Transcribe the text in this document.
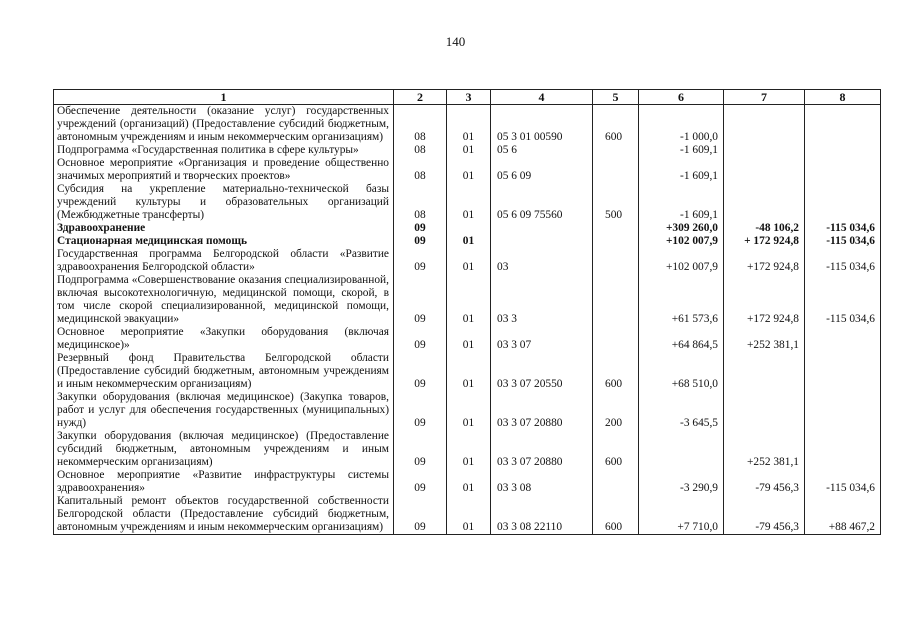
140
1	2	3	4	5	6	7	8
Обеспечение деятельности (оказание услуг) государственных учреждений (организаций) (Предоставление субсидий бюджетным, автономным учреждениям и иным некоммерческим организациям)	08	01	05 3 01 00590	600	-1 000,0		
Подпрограмма «Государственная политика в сфере культуры»	08	01	05 6		-1 609,1		
Основное мероприятие «Организация и проведение общественно значимых мероприятий и творческих проектов»	08	01	05 6 09		-1 609,1		
Субсидия на укрепление материально-технической базы учреждений культуры и образовательных организаций (Межбюджетные трансферты)	08	01	05 6 09 75560	500	-1 609,1		
Здравоохранение	09				+309 260,0	-48 106,2	-115 034,6
Стационарная медицинская помощь	09	01			+102 007,9	+ 172 924,8	-115 034,6
Государственная программа Белгородской области «Развитие здравоохранения Белгородской области»	09	01	03		+102 007,9	+172 924,8	-115 034,6
Подпрограмма «Совершенствование оказания специализированной, включая высокотехнологичную, медицинской помощи, скорой, в том числе скорой специализированной, медицинской помощи, медицинской эвакуации»	09	01	03 3		+61 573,6	+172 924,8	-115 034,6
Основное мероприятие «Закупки оборудования (включая медицинское)»	09	01	03 3 07		+64 864,5	+252 381,1	
Резервный фонд Правительства Белгородской области (Предоставление субсидий бюджетным, автономным учреждениям и иным некоммерческим организациям)	09	01	03 3 07 20550	600	+68 510,0		
Закупки оборудования (включая медицинское) (Закупка товаров, работ и услуг для обеспечения государственных (муниципальных) нужд)	09	01	03 3 07 20880	200	-3 645,5		
Закупки оборудования (включая медицинское) (Предоставление субсидий бюджетным, автономным учреждениям и иным некоммерческим организациям)	09	01	03 3 07 20880	600		+252 381,1	
Основное мероприятие «Развитие инфраструктуры системы здравоохранения»	09	01	03 3 08		-3 290,9	-79 456,3	-115 034,6
Капитальный ремонт объектов государственной собственности Белгородской области (Предоставление субсидий бюджетным, автономным учреждениям и иным некоммерческим организациям)	09	01	03 3 08 22110	600	+7 710,0	-79 456,3	+88 467,2
